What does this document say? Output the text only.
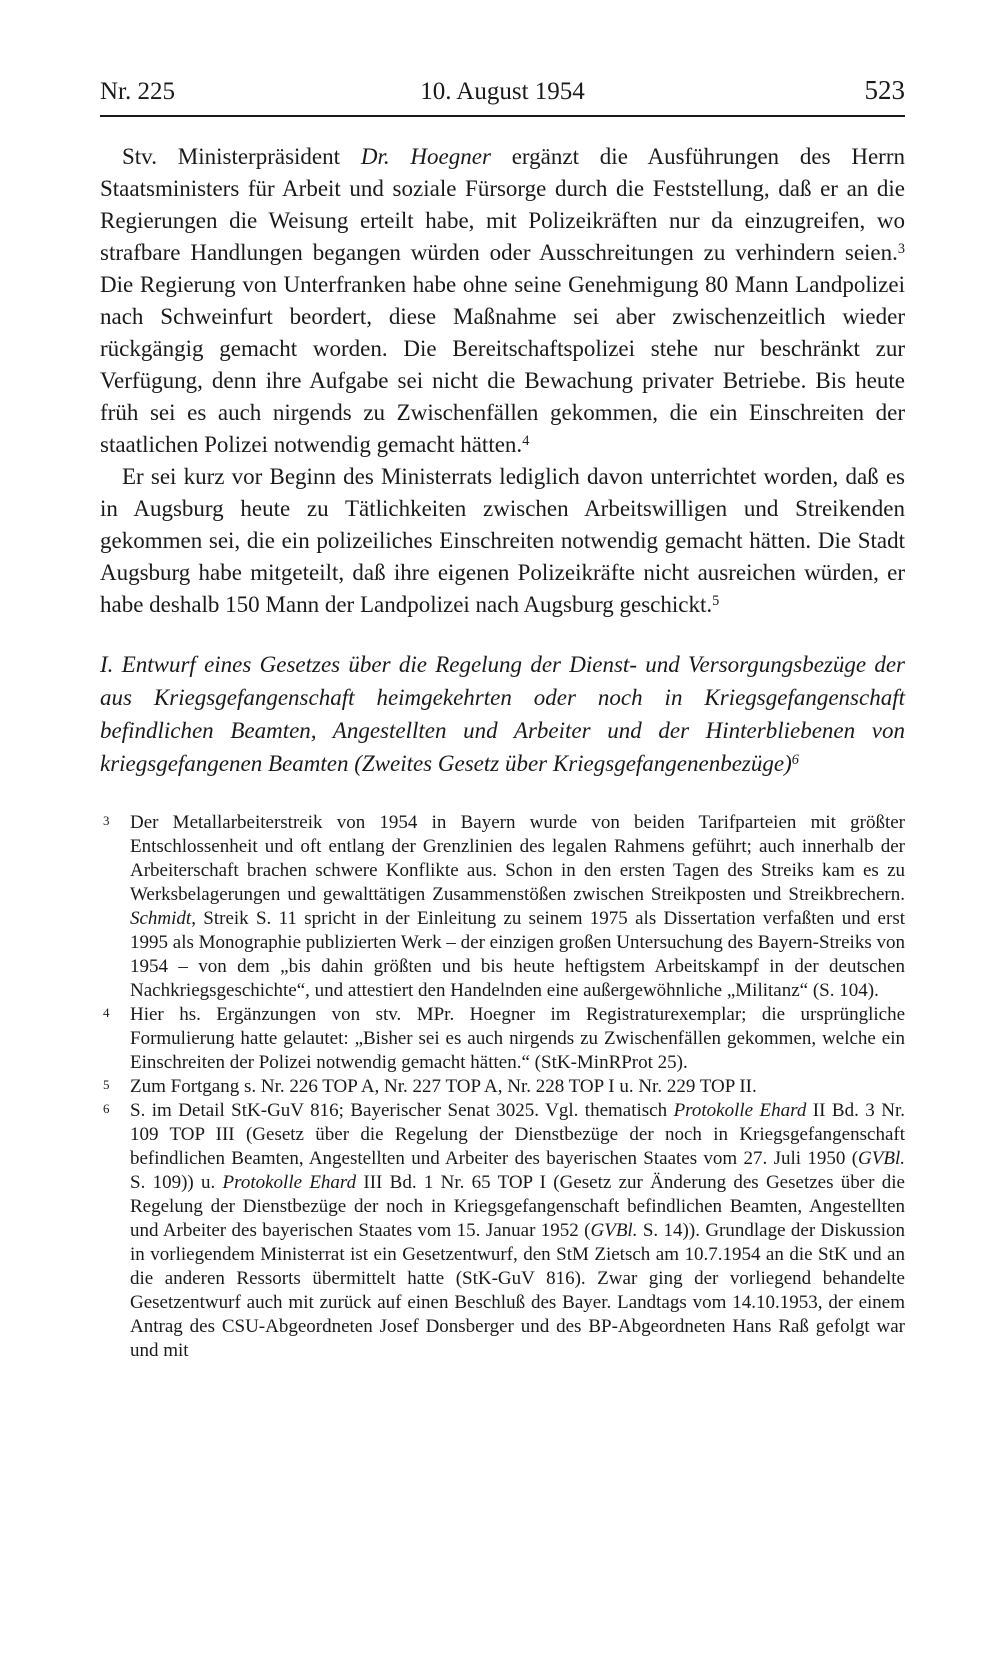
Nr. 225	10. August 1954	523

Stv. Ministerpräsident Dr. Hoegner ergänzt die Ausführungen des Herrn Staatsministers für Arbeit und soziale Fürsorge durch die Feststellung, daß er an die Regierungen die Weisung erteilt habe, mit Polizeikräften nur da einzugreifen, wo strafbare Handlungen begangen würden oder Ausschreitungen zu verhindern seien.$^3$ Die Regierung von Unterfranken habe ohne seine Genehmigung 80 Mann Landpolizei nach Schweinfurt beordert, diese Maßnahme sei aber zwischenzeitlich wieder rückgängig gemacht worden. Die Bereitschaftspolizei stehe nur beschränkt zur Verfügung, denn ihre Aufgabe sei nicht die Bewachung privater Betriebe. Bis heute früh sei es auch nirgends zu Zwischenfällen gekommen, die ein Einschreiten der staatlichen Polizei notwendig gemacht hätten.$^4$

Er sei kurz vor Beginn des Ministerrats lediglich davon unterrichtet worden, daß es in Augsburg heute zu Tätlichkeiten zwischen Arbeitswilligen und Streikenden gekommen sei, die ein polizeiliches Einschreiten notwendig gemacht hätten. Die Stadt Augsburg habe mitgeteilt, daß ihre eigenen Polizeikräfte nicht ausreichen würden, er habe deshalb 150 Mann der Landpolizei nach Augsburg geschickt.$^5$

I. Entwurf eines Gesetzes über die Regelung der Dienst- und Versorgungsbezüge der aus Kriegsgefangenschaft heimgekehrten oder noch in Kriegsgefangenschaft befindlichen Beamten, Angestellten und Arbeiter und der Hinterbliebenen von kriegsgefangenen Beamten (Zweites Gesetz über Kriegsgefangenenbezüge)$^6$

3 Der Metallarbeiterstreik von 1954 in Bayern wurde von beiden Tarifparteien mit größter Entschlossenheit und oft entlang der Grenzlinien des legalen Rahmens geführt; auch innerhalb der Arbeiterschaft brachen schwere Konflikte aus. Schon in den ersten Tagen des Streiks kam es zu Werksbelagerungen und gewalttätigen Zusammenstößen zwischen Streikposten und Streikbrechern. Schmidt, Streik S. 11 spricht in der Einleitung zu seinem 1975 als Dissertation verfaßten und erst 1995 als Monographie publizierten Werk – der einzigen großen Untersuchung des Bayern-Streiks von 1954 – von dem „bis dahin größten und bis heute heftigstem Arbeitskampf in der deutschen Nachkriegsgeschichte“, und attestiert den Handelnden eine außergewöhnliche „Militanz“ (S. 104).
4 Hier hs. Ergänzungen von stv. MPr. Hoegner im Registraturexemplar; die ursprüngliche Formulierung hatte gelautet: „Bisher sei es auch nirgends zu Zwischenfällen gekommen, welche ein Einschreiten der Polizei notwendig gemacht hätten.“ (StK-MinRProt 25).
5 Zum Fortgang s. Nr. 226 TOP A, Nr. 227 TOP A, Nr. 228 TOP I u. Nr. 229 TOP II.
6 S. im Detail StK-GuV 816; Bayerischer Senat 3025. Vgl. thematisch Protokolle Ehard II Bd. 3 Nr. 109 TOP III (Gesetz über die Regelung der Dienstbezüge der noch in Kriegsgefangenschaft befindlichen Beamten, Angestellten und Arbeiter des bayerischen Staates vom 27. Juli 1950 (GVBl. S. 109)) u. Protokolle Ehard III Bd. 1 Nr. 65 TOP I (Gesetz zur Änderung des Gesetzes über die Regelung der Dienstbezüge der noch in Kriegsgefangenschaft befindlichen Beamten, Angestellten und Arbeiter des bayerischen Staates vom 15. Januar 1952 (GVBl. S. 14)). Grundlage der Diskussion in vorliegendem Ministerrat ist ein Gesetzentwurf, den StM Zietsch am 10.7.1954 an die StK und an die anderen Ressorts übermittelt hatte (StK-GuV 816). Zwar ging der vorliegend behandelte Gesetzentwurf auch mit zurück auf einen Beschluß des Bayer. Landtags vom 14.10.1953, der einem Antrag des CSU-Abgeordneten Josef Donsberger und des BP-Abgeordneten Hans Raß gefolgt war und mit
